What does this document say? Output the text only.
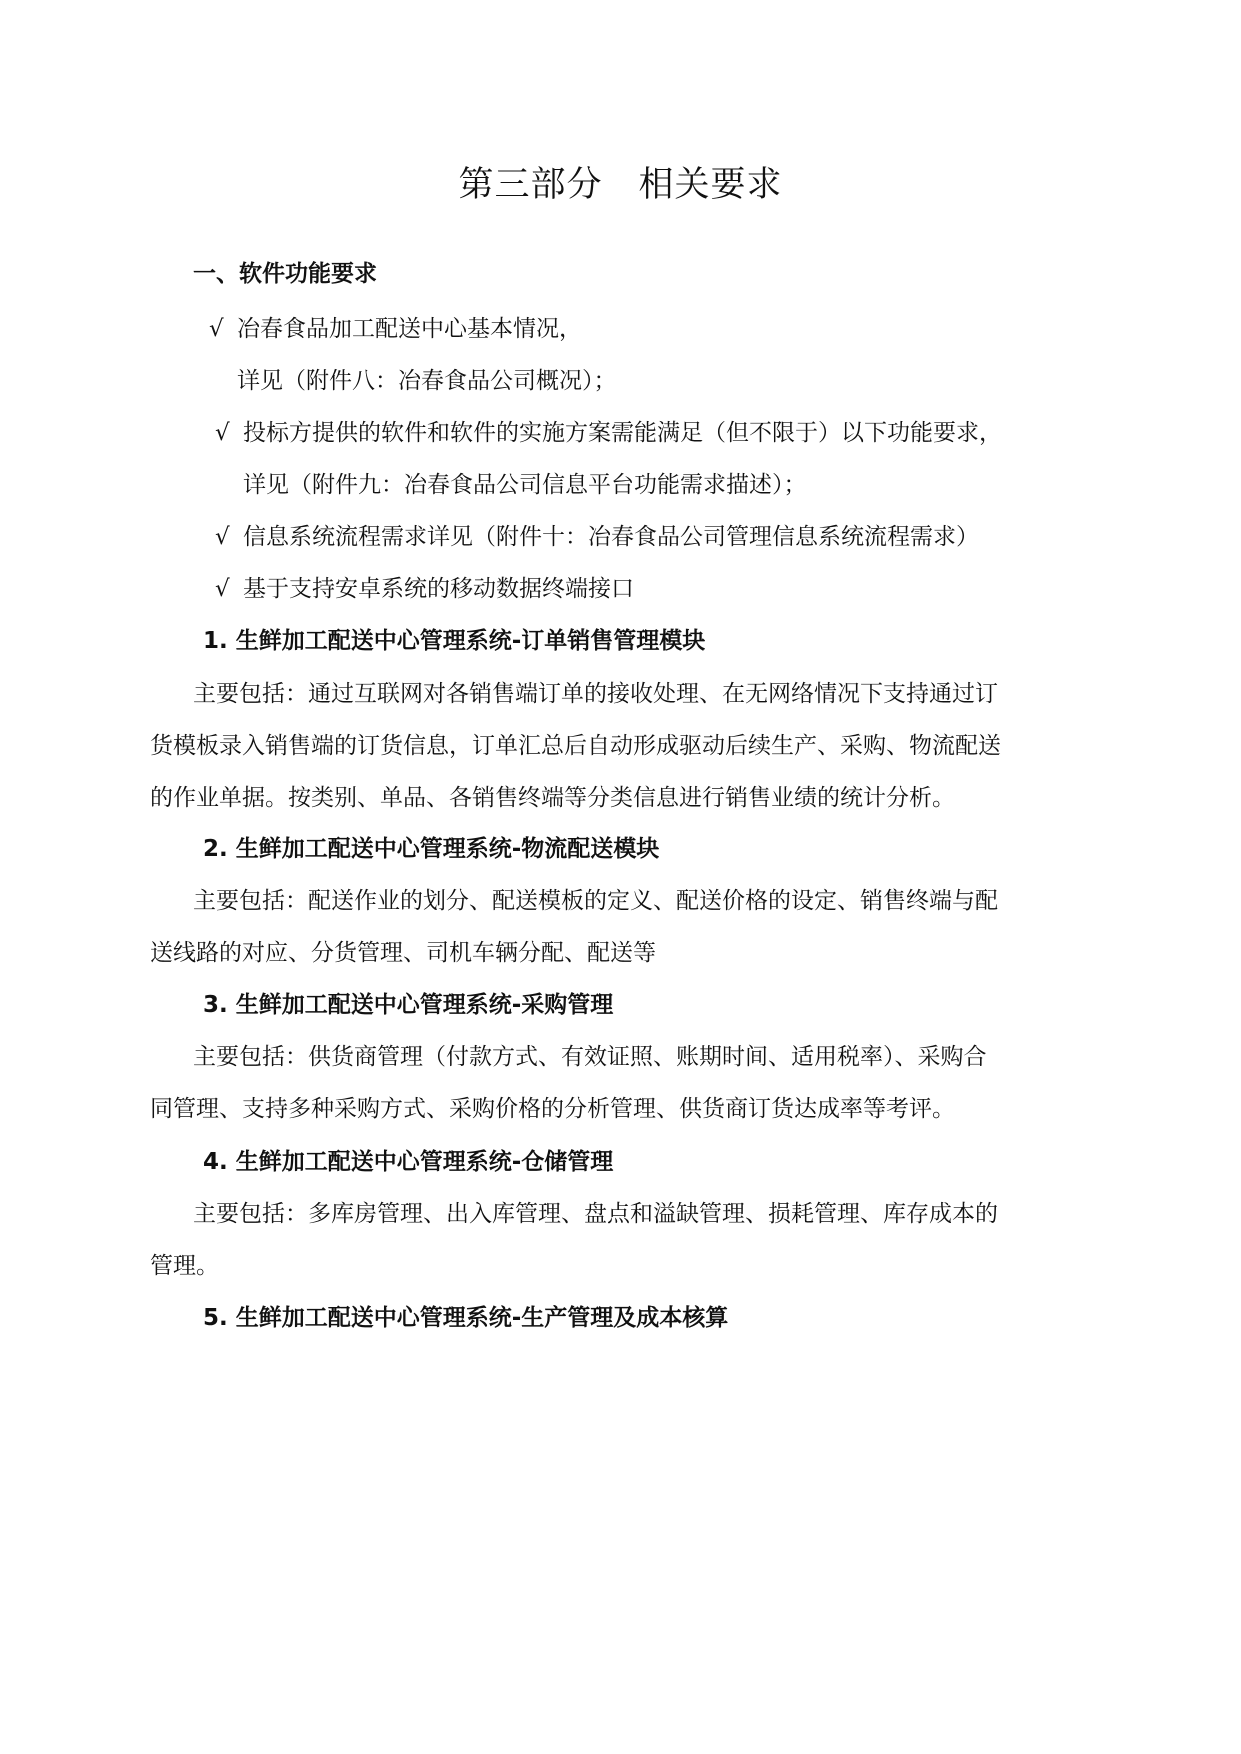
第三部分 相关要求
一、软件功能要求
√ 冶春食品加工配送中心基本情况，
详见（附件八：冶春食品公司概况）；
√ 投标方提供的软件和软件的实施方案需能满足（但不限于）以下功能要求，
详见（附件九：冶春食品公司信息平台功能需求描述）；
√ 信息系统流程需求详见（附件十：冶春食品公司管理信息系统流程需求）
√ 基于支持安卓系统的移动数据终端接口
1. 生鲜加工配送中心管理系统-订单销售管理模块
主要包括：通过互联网对各销售端订单的接收处理、在无网络情况下支持通过订
货模板录入销售端的订货信息，订单汇总后自动形成驱动后续生产、采购、物流配送
的作业单据。按类别、单品、各销售终端等分类信息进行销售业绩的统计分析。
2. 生鲜加工配送中心管理系统-物流配送模块
主要包括：配送作业的划分、配送模板的定义、配送价格的设定、销售终端与配
送线路的对应、分货管理、司机车辆分配、配送等
3. 生鲜加工配送中心管理系统-采购管理
主要包括：供货商管理（付款方式、有效证照、账期时间、适用税率）、采购合
同管理、支持多种采购方式、采购价格的分析管理、供货商订货达成率等考评。
4. 生鲜加工配送中心管理系统-仓储管理
主要包括：多库房管理、出入库管理、盘点和溢缺管理、损耗管理、库存成本的
管理。
5. 生鲜加工配送中心管理系统-生产管理及成本核算
